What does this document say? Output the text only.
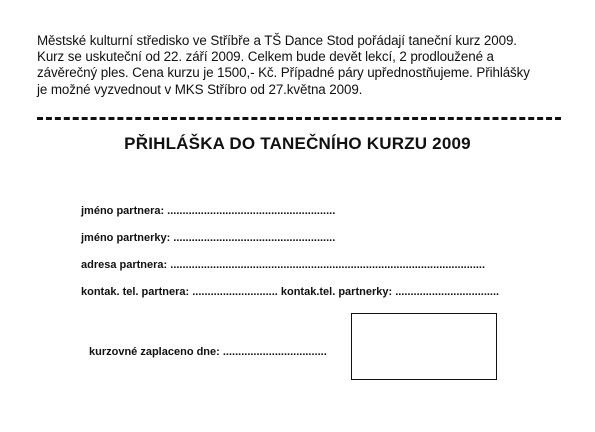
Městské kulturní středisko ve Stříbře a TŠ Dance Stod pořádají taneční kurz 2009.
Kurz se uskuteční od 22. září 2009. Celkem bude devět lekcí, 2 prodloužené a
závěrečný ples. Cena kurzu je 1500,- Kč. Případné páry upřednostňujeme. Přihlášky
je možné vyzvednout v MKS Stříbro od 27.května 2009.
PŘIHLÁŠKA DO TANEČNÍHO KURZU 2009
jméno partnera: .......................................................
jméno partnerky: .....................................................
adresa partnera: .......................................................................................................
kontak. tel. partnera: ............................ kontak.tel. partnerky: ..................................
kurzovné zaplaceno dne: ..................................
